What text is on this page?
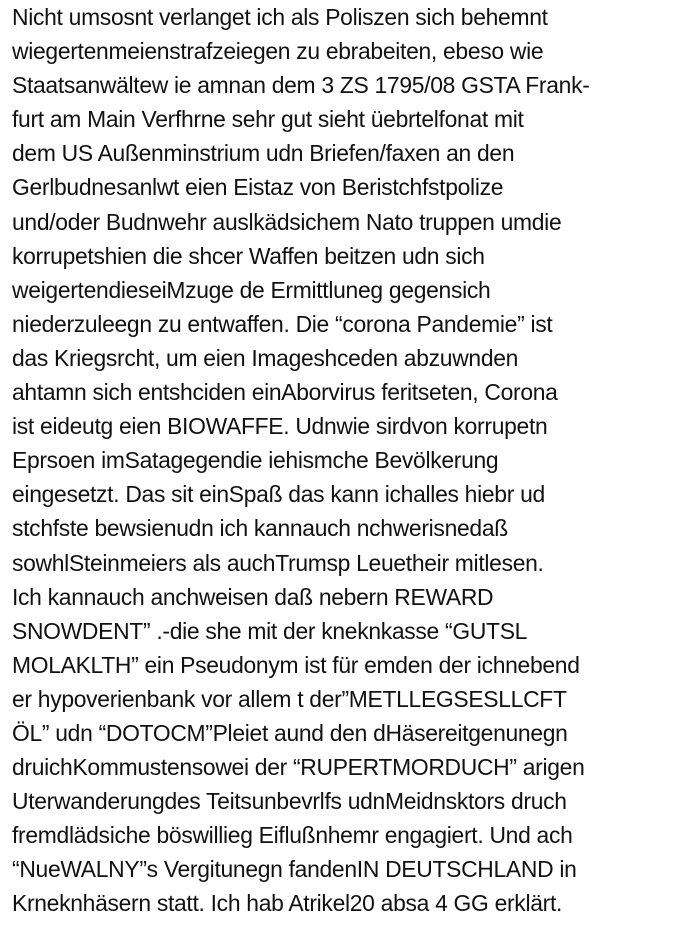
Nicht umsosnt verlanget ich als Poliszen sich behemnt
wiegertenmeienstrafzeiegen zu ebrabeiten, ebeso wie
Staatsanwältew ie amnan dem 3 ZS 1795/08 GSTA Frank-
furt am Main Verfhrne sehr gut sieht üebrtelfonat mit
dem US Außenminstrium udn Briefen/faxen an den
Gerlbudnesanlwt eien Eistaz von Beristchfstpolize
und/oder Budnwehr auslkädsichem Nato truppen umdie
korrupetshien die shcer Waffen beitzen udn sich
weigertendieseiMzuge de Ermittluneg gegensich
niederzuleegn zu entwaffen. Die “corona Pandemie” ist
das Kriegsrcht, um eien Imageshceden abzuwnden
ahtamn sich entshciden einAborvirus feritseten, Corona
ist eideutg eien BIOWAFFE. Udnwie sirdvon korrupetn
Eprsoen imSatagegendie iehismche Bevölkerung
eingesetzt. Das sit einSpaß das kann ichalles hiebr ud
stchfste bewsienudn ich kannauch nchwerisnedaß
sowhlSteinmeiers als auchTrumsp Leuetheir mitlesen.
Ich kannauch anchweisen daß nebern REWARD
SNOWDENT” .-die she mit der kneknkasse “GUTSL
MOLAKLTH” ein Pseudonym ist für emden der ichnebend
er hypoverienbank vor allem t der”METLLEGSESLLCFT
ÖL” udn “DOTOCM”Pleiet aund den dHäsereitgenunegn
druichKommustensowei der “RUPERTMORDUCH” arigen
Uterwanderungdes Teitsunbevrlfs udnMeidnsktors druch
fremdlädsiche böswillieg Eiflußnhemr engagiert. Und ach
“NueWALNY”s Vergitunegn fandenIN DEUTSCHLAND in
Krneknhäsern statt. Ich hab Atrikel20 absa 4 GG erklärt.
